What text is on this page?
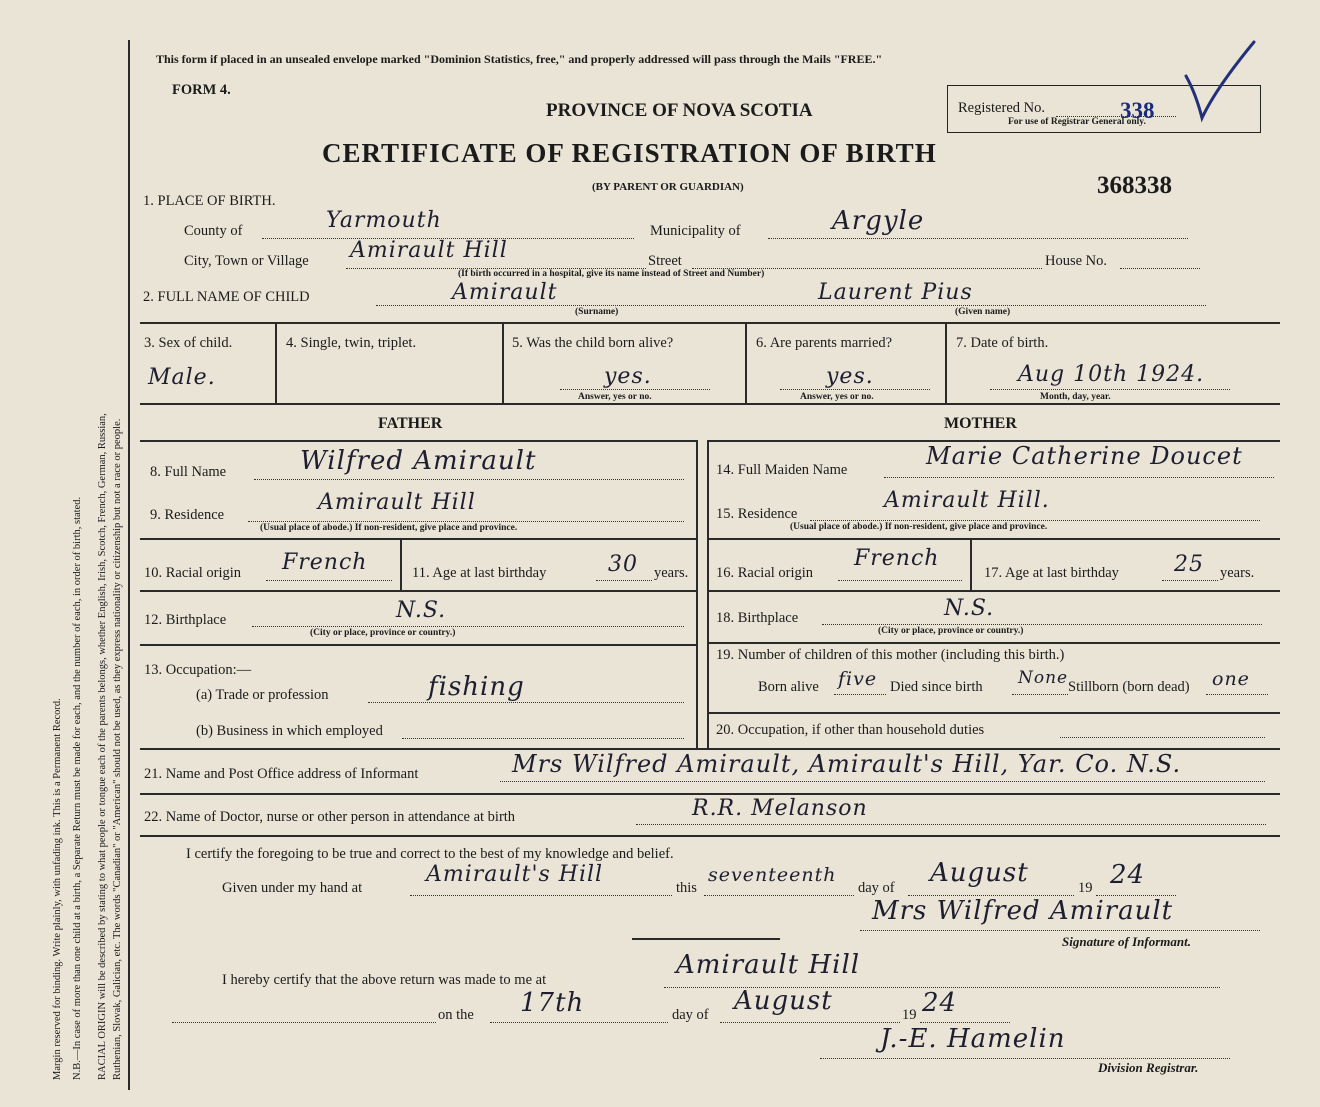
Margin reserved for binding. Write plainly, with unfading ink. This is a Permanent Record. N.B.—In case of more than one child at a birth, a Separate Return must be made for each, and the number of each, in order of birth, stated. RACIAL ORIGIN will be described by stating to what people or tongue each of the parents belongs, whether English, Irish, Scotch, French, German, Russian, Ruthenian, Slovak, Galician, etc. The words "Canadian" or "American" should not be used, as they express nationality or citizenship but not a race or people.
This form if placed in an unsealed envelope marked "Dominion Statistics, free," and properly addressed will pass through the Mails "FREE."
FORM 4.
PROVINCE OF NOVA SCOTIA
CERTIFICATE OF REGISTRATION OF BIRTH
(BY PARENT OR GUARDIAN)
Registered No.	338
For use of Registrar General only.
368338
1. PLACE OF BIRTH.
County of	Yarmouth	Municipality of	Argyle
City, Town or Village Amirault Hill	Street	House No.
(If birth occurred in a hospital, give its name instead of Street and Number)
2. FULL NAME OF CHILD	Amirault
(Surname)
Laurent Pius
(Given name)
3. Sex of child.
Male.
4. Single, twin, triplet.	5. Was the child born alive?
yes.
Answer, yes or no.
6. Are parents married?
yes.
Answer, yes or no.
7. Date of birth.
Aug 10th 1924.
Month, day, year.
FATHER	MOTHER
8. Full Name	Wilfred Amirault
9. Residence	Amirault Hill
(Usual place of abode.) If non-resident, give place and province.
10. Racial origin French	11. Age at last birthday	30 years.
12. Birthplace	N.S.
(City or place, province or country.)
13. Occupation:—
(a) Trade or profession	fishing
(b) Business in which employed
14. Full Maiden Name	Marie Catherine Doucet
15. Residence
Amirault Hill.
(Usual place of abode.) If non-resident, give place and province.
16. Racial origin
French
17. Age at last birthday	25 years.
18. Birthplace	N.S.
(City or place, province or country.)
19. Number of children of this mother (including this birth.)
Born alive five Died since birth None Stillborn (born dead) one
20. Occupation, if other than household duties
21. Name and Post Office address of Informant	Mrs Wilfred Amirault, Amirault's Hill, Yar. Co. N.S.
22. Name of Doctor, nurse or other person in attendance at birth	R.R. Melanson
I certify the foregoing to be true and correct to the best of my knowledge and belief.
Given under my hand at
Amirault's Hill
this
seventeenth
day of August	19 24
Mrs Wilfred Amirault
Signature of Informant.
I hereby certify that the above return was made to me at	Amirault Hill
on the 17th	day of August	19 24
J.-E. Hamelin
Division Registrar.
